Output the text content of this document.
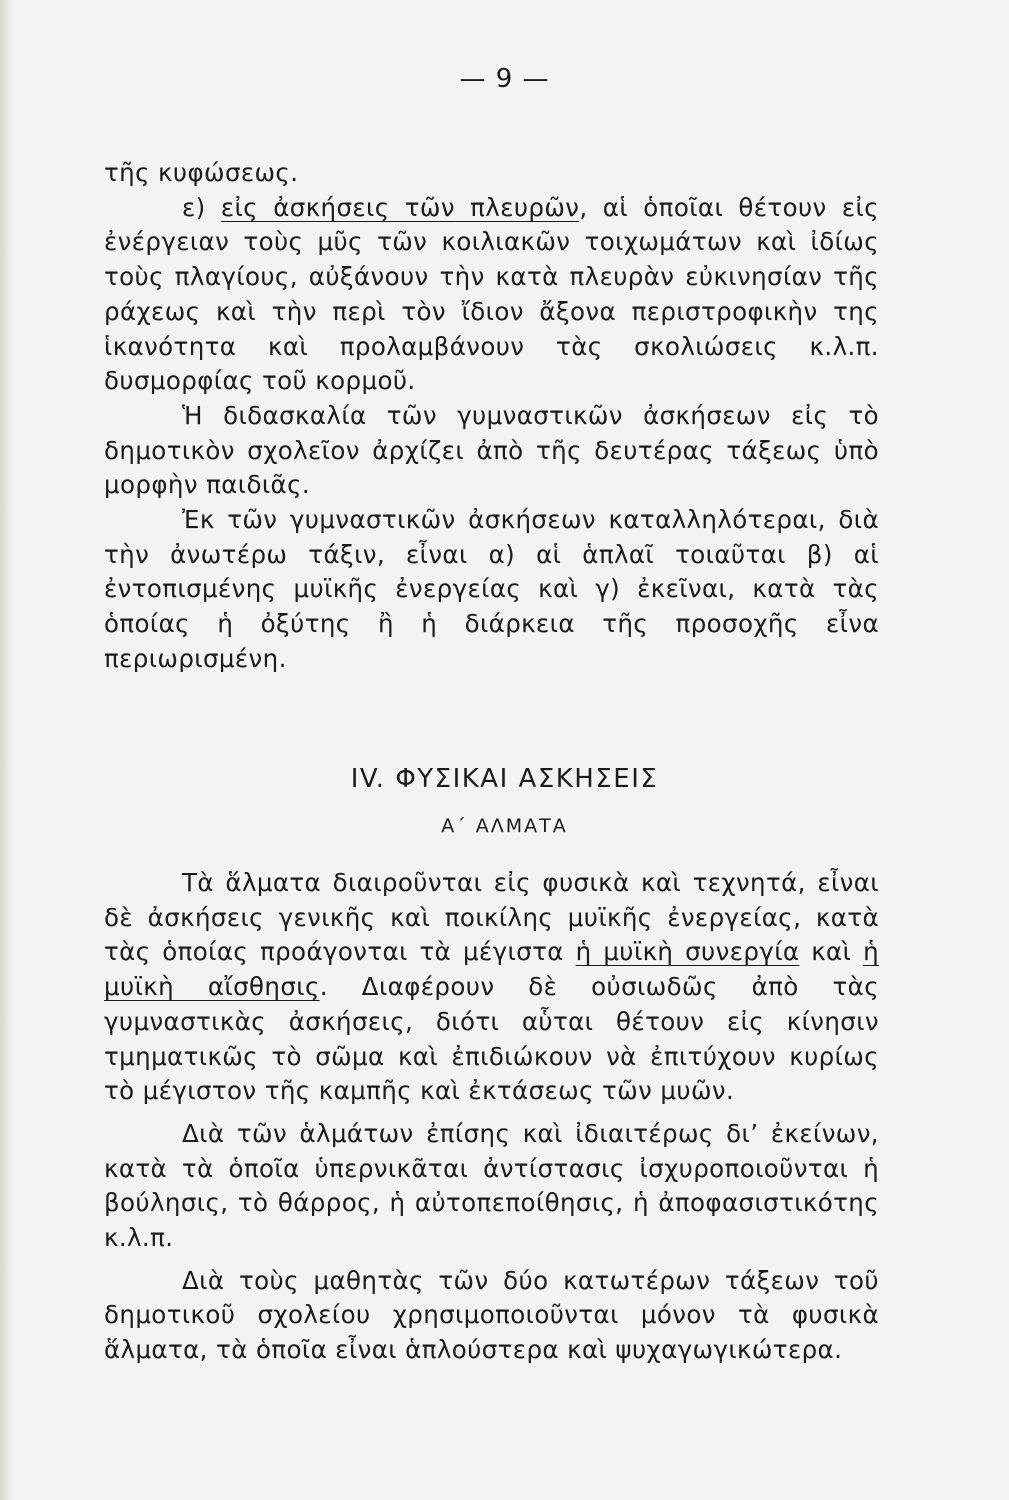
— 9 —

τῆς κυφώσεως.

ε) εἰς ἀσκήσεις τῶν πλευρῶν, αἱ ὁποῖαι θέτουν εἰς ἐνέργειαν τοὺς μῦς τῶν κοιλιακῶν τοιχωμάτων καὶ ἰδίως τοὺς πλαγίους, αὐξάνουν τὴν κατὰ πλευρὰν εὐκινησίαν τῆς ράχεως καὶ τὴν περὶ τὸν ἴδιον ἄξονα περιστροφικὴν της ἱκανότητα καὶ προλαμβάνουν τὰς σκολιώσεις κ.λ.π. δυσμορφίας τοῦ κορμοῦ.

Ἡ διδασκαλία τῶν γυμναστικῶν ἀσκήσεων εἰς τὸ δημοτικὸν σχολεῖον ἀρχίζει ἀπὸ τῆς δευτέρας τάξεως ὑπὸ μορφὴν παιδιᾶς.

Ἐκ τῶν γυμναστικῶν ἀσκήσεων καταλληλότεραι, διὰ τὴν ἀνωτέρω τάξιν, εἶναι α) αἱ ἁπλαῖ τοιαῦται β) αἱ ἐντοπισμένης μυϊκῆς ἐνεργείας καὶ γ) ἐκεῖναι, κατὰ τὰς ὁποίας ἡ ὀξύτης ἢ ἡ διάρκεια τῆς προσοχῆς εἶνα περιωρισμένη.

IV. ΦΥΣΙΚΑΙ ΑΣΚΗΣΕΙΣ
Α΄ ΑΛΜΑΤΑ

Τὰ ἅλματα διαιροῦνται εἰς φυσικὰ καὶ τεχνητά, εἶναι δὲ ἀσκήσεις γενικῆς καὶ ποικίλης μυϊκῆς ἐνεργείας, κατὰ τὰς ὁποίας προάγονται τὰ μέγιστα ἡ μυϊκὴ συνεργία καὶ ἡ μυϊκὴ αἴσθησις. Διαφέρουν δὲ οὐσιωδῶς ἀπὸ τὰς γυμναστικὰς ἀσκήσεις, διότι αὗται θέτουν εἰς κίνησιν τμηματικῶς τὸ σῶμα καὶ ἐπιδιώκουν νὰ ἐπιτύχουν κυρίως τὸ μέγιστον τῆς καμπῆς καὶ ἐκτάσεως τῶν μυῶν.

Διὰ τῶν ἁλμάτων ἐπίσης καὶ ἰδιαιτέρως δι’ ἐκείνων, κατὰ τὰ ὁποῖα ὑπερνικᾶται ἀντίστασις ἰσχυροποιοῦνται ἡ βούλησις, τὸ θάρρος, ἡ αὐτοπεποίθησις, ἡ ἀποφασιστικότης κ.λ.π.

Διὰ τοὺς μαθητὰς τῶν δύο κατωτέρων τάξεων τοῦ δημοτικοῦ σχολείου χρησιμοποιοῦνται μόνον τὰ φυσικὰ ἅλματα, τὰ ὁποῖα εἶναι ἁπλούστερα καὶ ψυχαγωγικώτερα.
